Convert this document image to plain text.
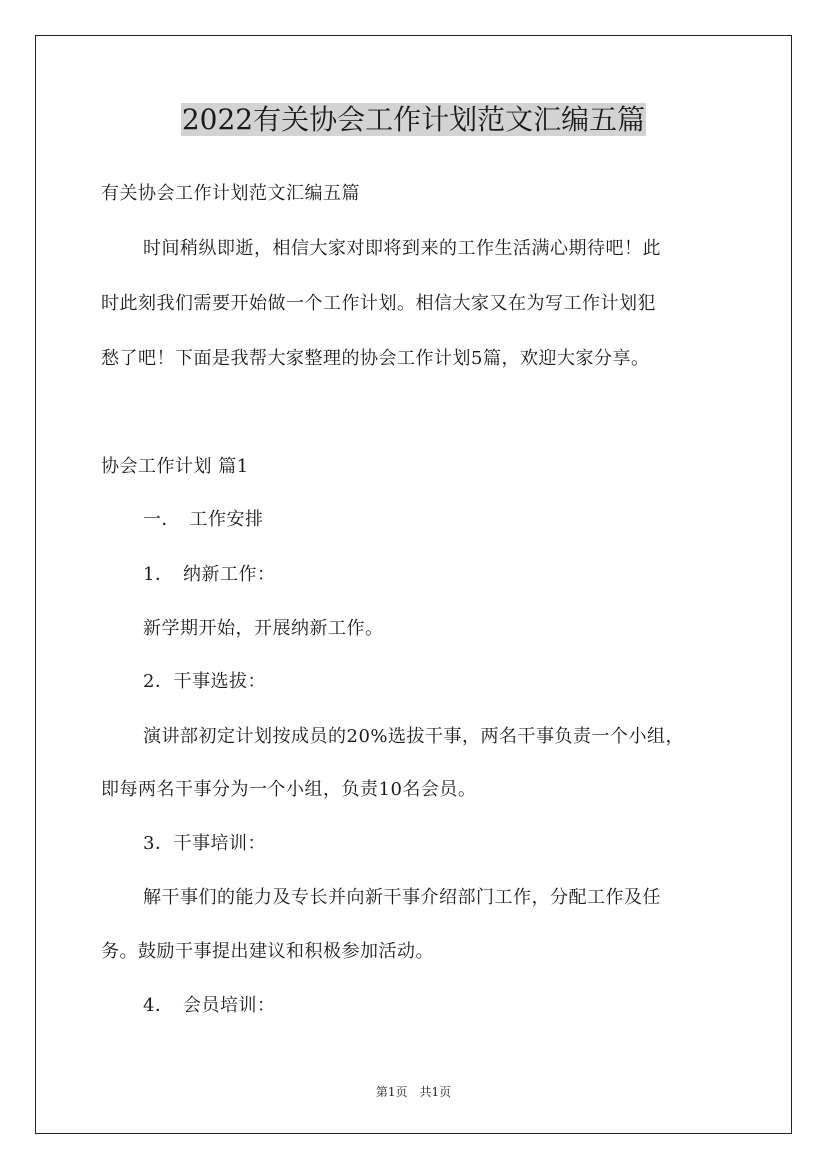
2022有关协会工作计划范文汇编五篇
有关协会工作计划范文汇编五篇
时间稍纵即逝，相信大家对即将到来的工作生活满心期待吧！此
时此刻我们需要开始做一个工作计划。相信大家又在为写工作计划犯
愁了吧！下面是我帮大家整理的协会工作计划5篇，欢迎大家分享。
协会工作计划 篇1
一．　工作安排
1．　纳新工作：
新学期开始，开展纳新工作。
2．干事选拔：
演讲部初定计划按成员的20%选拔干事，两名干事负责一个小组，
即每两名干事分为一个小组，负责10名会员。
3．干事培训：
解干事们的能力及专长并向新干事介绍部门工作，分配工作及任
务。鼓励干事提出建议和积极参加活动。
4．　会员培训：
第1页　共1页
